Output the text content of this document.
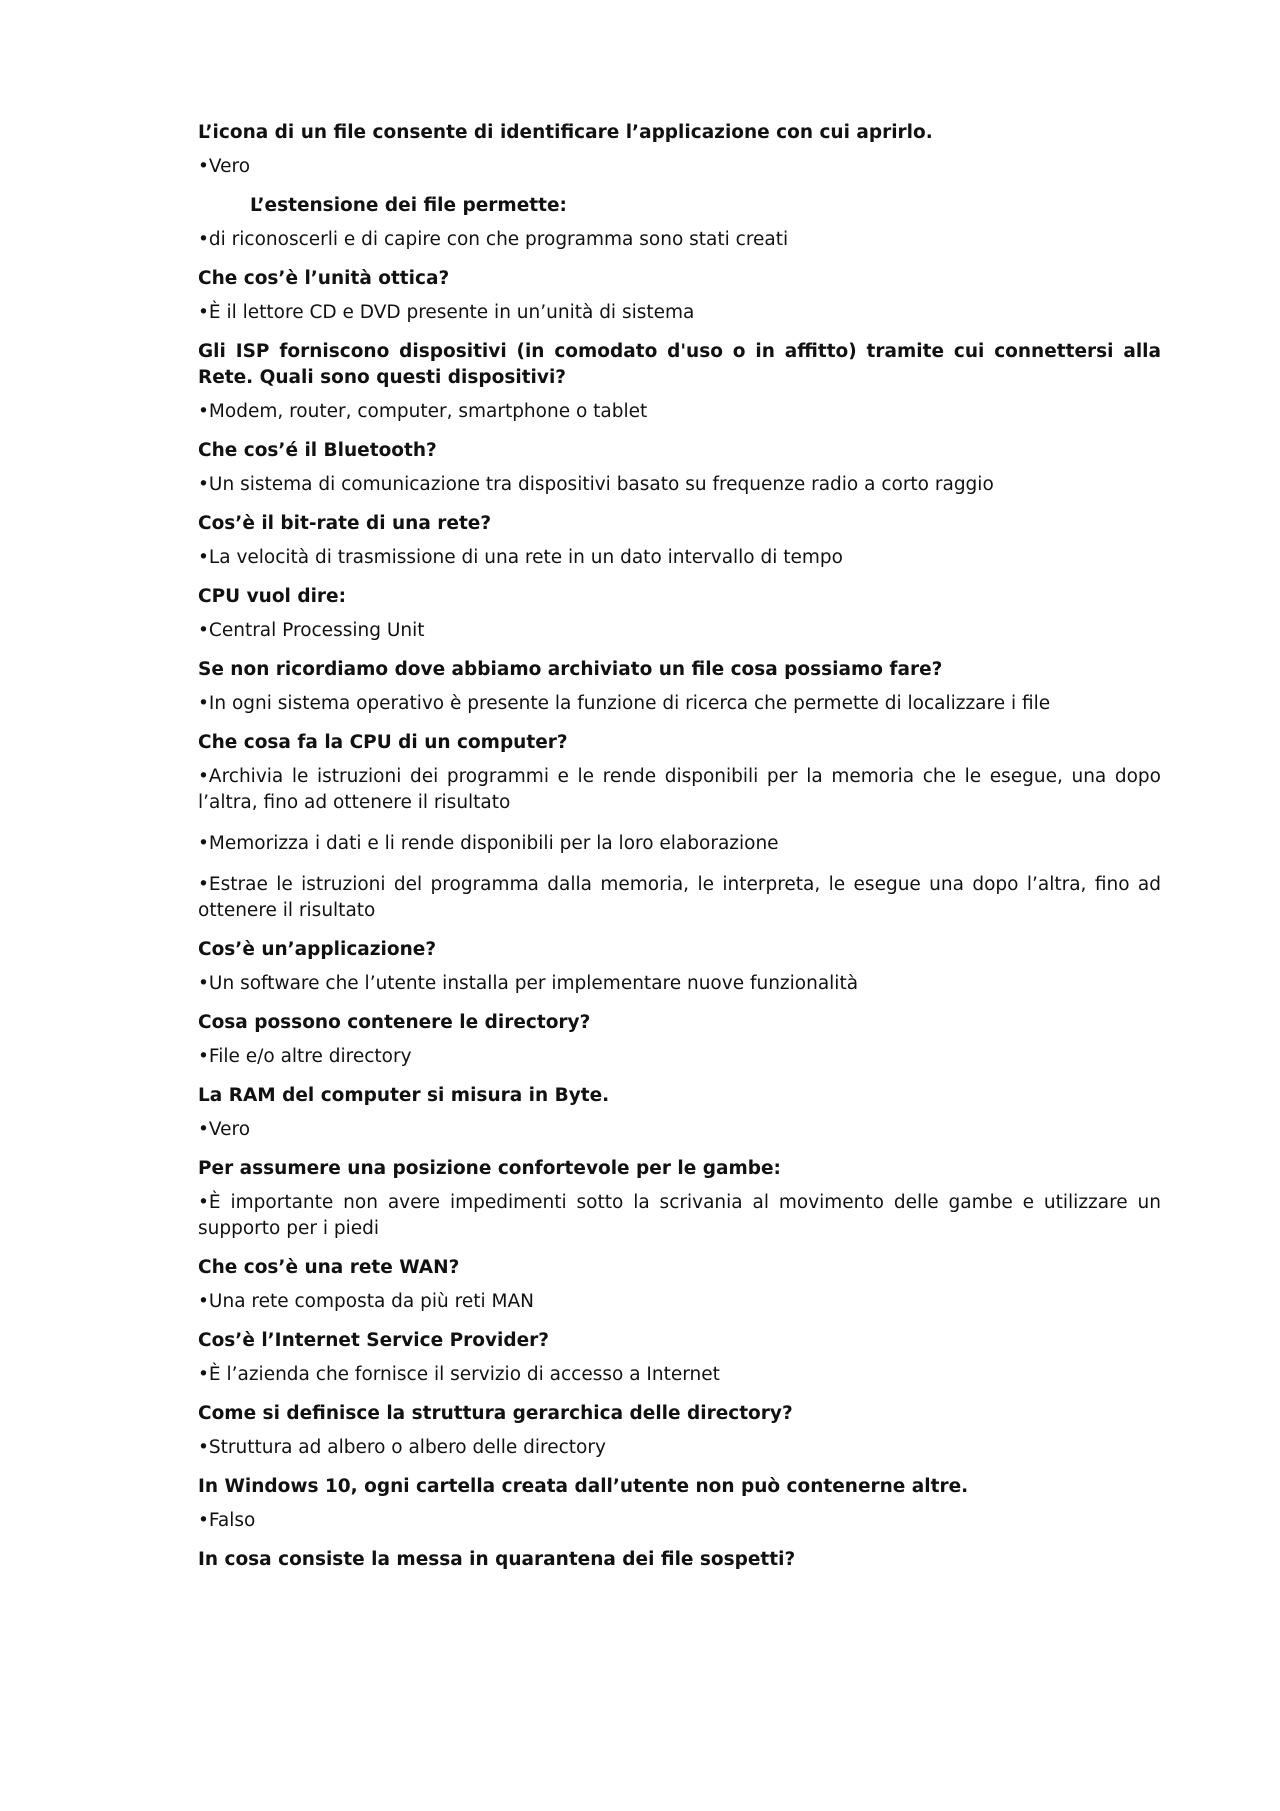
L’icona di un file consente di identificare l’applicazione con cui aprirlo.

• Vero

L’estensione dei file permette:

• di riconoscerli e di capire con che programma sono stati creati

Che cos’è l’unità ottica?

• È il lettore CD e DVD presente in un’unità di sistema

Gli ISP forniscono dispositivi (in comodato d'uso o in affitto) tramite cui connettersi alla Rete. Quali sono questi dispositivi?

• Modem, router, computer, smartphone o tablet

Che cos’é il Bluetooth?

• Un sistema di comunicazione tra dispositivi basato su frequenze radio a corto raggio

Cos’è il bit-rate di una rete?

• La velocità di trasmissione di una rete in un dato intervallo di tempo

CPU vuol dire:

• Central Processing Unit

Se non ricordiamo dove abbiamo archiviato un file cosa possiamo fare?

• In ogni sistema operativo è presente la funzione di ricerca che permette di localizzare i file

Che cosa fa la CPU di un computer?

• Archivia le istruzioni dei programmi e le rende disponibili per la memoria che le esegue, una dopo l’altra, fino ad ottenere il risultato

• Memorizza i dati e li rende disponibili per la loro elaborazione

• Estrae le istruzioni del programma dalla memoria, le interpreta, le esegue una dopo l’altra, fino ad ottenere il risultato

Cos’è un’applicazione?

• Un software che l’utente installa per implementare nuove funzionalità

Cosa possono contenere le directory?

• File e/o altre directory

La RAM del computer si misura in Byte.

• Vero

Per assumere una posizione confortevole per le gambe:

• È importante non avere impedimenti sotto la scrivania al movimento delle gambe e utilizzare un supporto per i piedi

Che cos’è una rete WAN?

• Una rete composta da più reti MAN

Cos’è l’Internet Service Provider?

• È l’azienda che fornisce il servizio di accesso a Internet

Come si definisce la struttura gerarchica delle directory?

• Struttura ad albero o albero delle directory

In Windows 10, ogni cartella creata dall’utente non può contenerne altre.

• Falso

In cosa consiste la messa in quarantena dei file sospetti?
